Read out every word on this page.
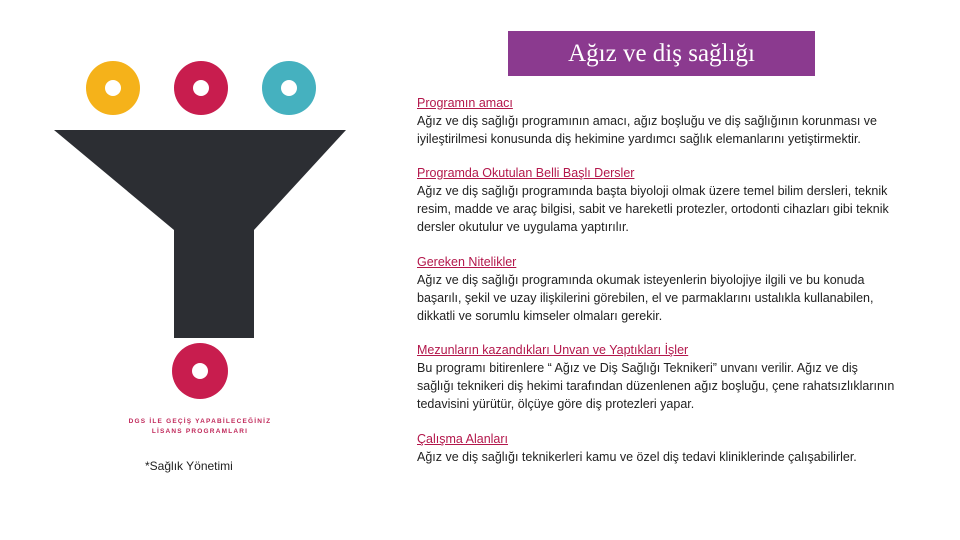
Ağız ve diş sağlığı
DGS İLE GEÇİŞ YAPABİLECEĞİNİZ
LİSANS PROGRAMLARI
*Sağlık Yönetimi
Programın amacı
Ağız ve diş sağlığı programının amacı, ağız boşluğu ve diş sağlığının korunması ve iyileştirilmesi konusunda diş hekimine yardımcı sağlık elemanlarını yetiştirmektir.
Programda Okutulan Belli Başlı Dersler
Ağız ve diş sağlığı programında başta biyoloji olmak üzere temel bilim dersleri, teknik resim, madde ve araç bilgisi, sabit ve hareketli protezler, ortodonti cihazları gibi teknik dersler okutulur ve uygulama yaptırılır.
Gereken Nitelikler
Ağız ve diş sağlığı programında okumak isteyenlerin biyolojiye ilgili ve bu konuda başarılı, şekil ve uzay ilişkilerini görebilen, el ve parmaklarını ustalıkla kullanabilen, dikkatli ve sorumlu kimseler olmaları gerekir.
Mezunların kazandıkları Unvan ve Yaptıkları İşler
Bu programı bitirenlere “ Ağız ve Diş Sağlığı Teknikeri” unvanı verilir. Ağız ve diş sağlığı teknikeri diş hekimi tarafından düzenlenen ağız boşluğu, çene rahatsızlıklarının tedavisini yürütür, ölçüye göre diş protezleri yapar.
Çalışma Alanları
Ağız ve diş sağlığı teknikerleri kamu ve özel diş tedavi kliniklerinde çalışabilirler.
